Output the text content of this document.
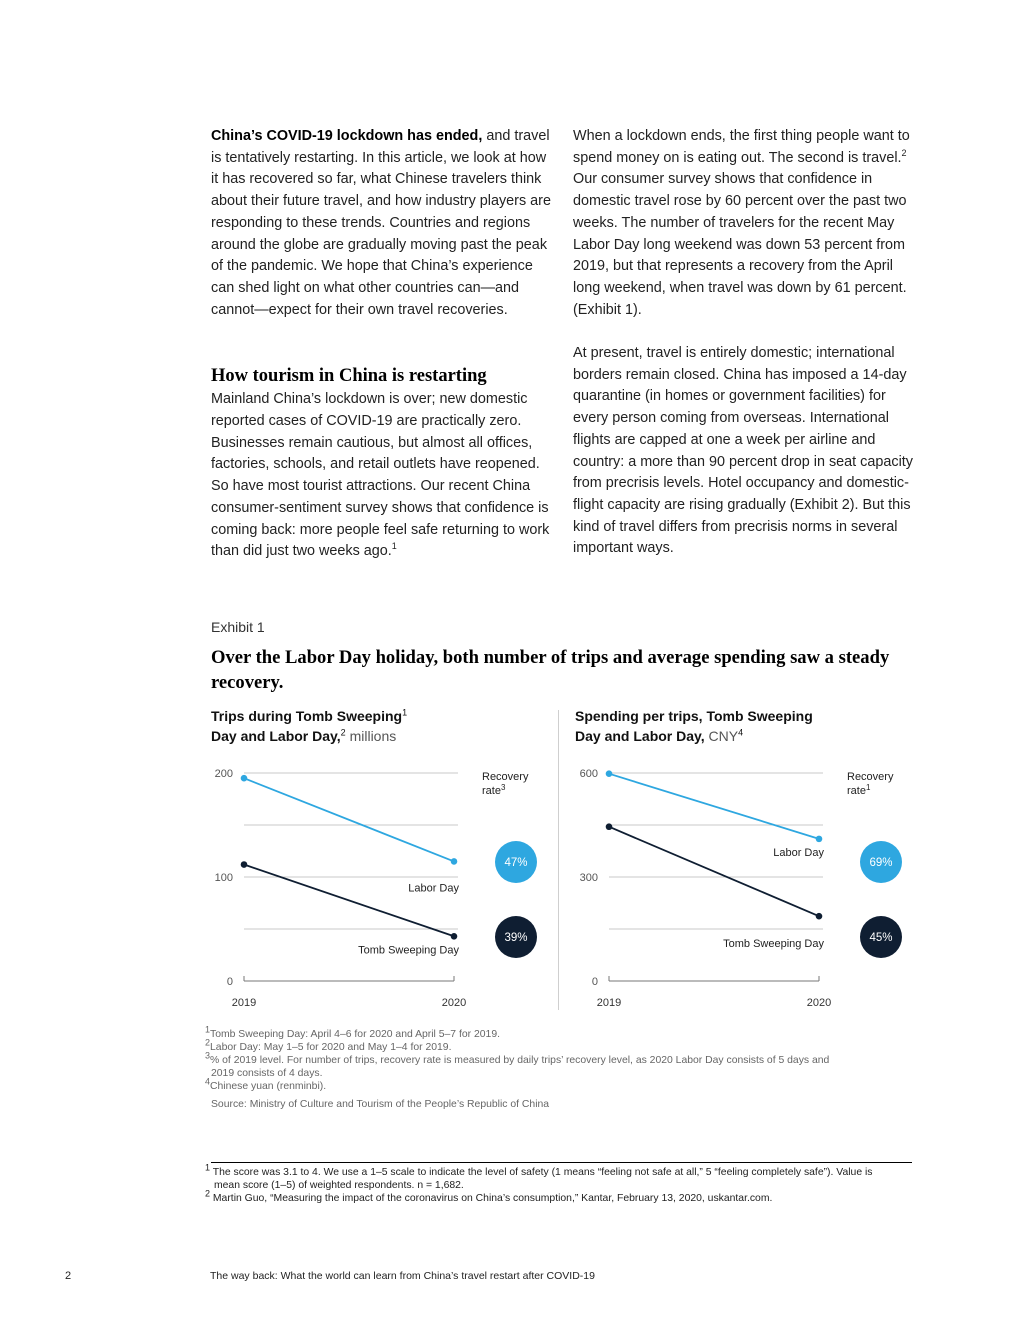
China’s COVID-19 lockdown has ended, and travel is tentatively restarting. In this article, we look at how it has recovered so far, what Chinese travelers think about their future travel, and how industry players are responding to these trends. Countries and regions around the globe are gradually moving past the peak of the pandemic. We hope that China’s experience can shed light on what other countries can—and cannot—expect for their own travel recoveries.

How tourism in China is restarting

Mainland China’s lockdown is over; new domestic reported cases of COVID-19 are practically zero. Businesses remain cautious, but almost all offices, factories, schools, and retail outlets have reopened. So have most tourist attractions. Our recent China consumer-sentiment survey shows that confidence is coming back: more people feel safe returning to work than did just two weeks ago.$^1$

When a lockdown ends, the first thing people want to spend money on is eating out. The second is travel.$^2$ Our consumer survey shows that confidence in domestic travel rose by 60 percent over the past two weeks. The number of travelers for the recent May Labor Day long weekend was down 53 percent from 2019, but that represents a recovery from the April long weekend, when travel was down by 61 percent. (Exhibit 1).

At present, travel is entirely domestic; international borders remain closed. China has imposed a 14-day quarantine (in homes or government facilities) for every person coming from overseas. International flights are capped at one a week per airline and country: a more than 90 percent drop in seat capacity from precrisis levels. Hotel occupancy and domestic-flight capacity are rising gradually (Exhibit 2). But this kind of travel differs from precrisis norms in several important ways.

Exhibit 1
Over the Labor Day holiday, both number of trips and average spending saw a steady recovery.
Trips during Tomb Sweeping$^1$
Day and Labor Day,$^2$ millions
Spending per trips, Tomb Sweeping
Day and Labor Day, CNY$^4$
0
100
200
2019	2020
Labor Day
Tomb Sweeping Day
Recovery
rate$^3$
47%
39%
0
300
600
2019	2020
Labor Day
Tomb Sweeping Day
Recovery
rate$^1$
69%
45%

$^1$Tomb Sweeping Day: April 4–6 for 2020 and April 5–7 for 2019.

$^2$Labor Day: May 1–5 for 2020 and May 1–4 for 2019.

$^3$% of 2019 level. For number of trips, recovery rate is measured by daily trips’ recovery level, as 2020 Labor Day consists of 5 days and

2019 consists of 4 days.

$^4$Chinese yuan (renminbi).

Source: Ministry of Culture and Tourism of the People’s Republic of China

$^1$ The score was 3.1 to 4. We use a 1–5 scale to indicate the level of safety (1 means “feeling not safe at all,” 5 “feeling completely safe”). Value is

mean score (1–5) of weighted respondents. n = 1,682.

$^2$ Martin Guo, “Measuring the impact of the coronavirus on China’s consumption,” Kantar, February 13, 2020, uskantar.com.

2	The way back: What the world can learn from China’s travel restart after COVID-19
